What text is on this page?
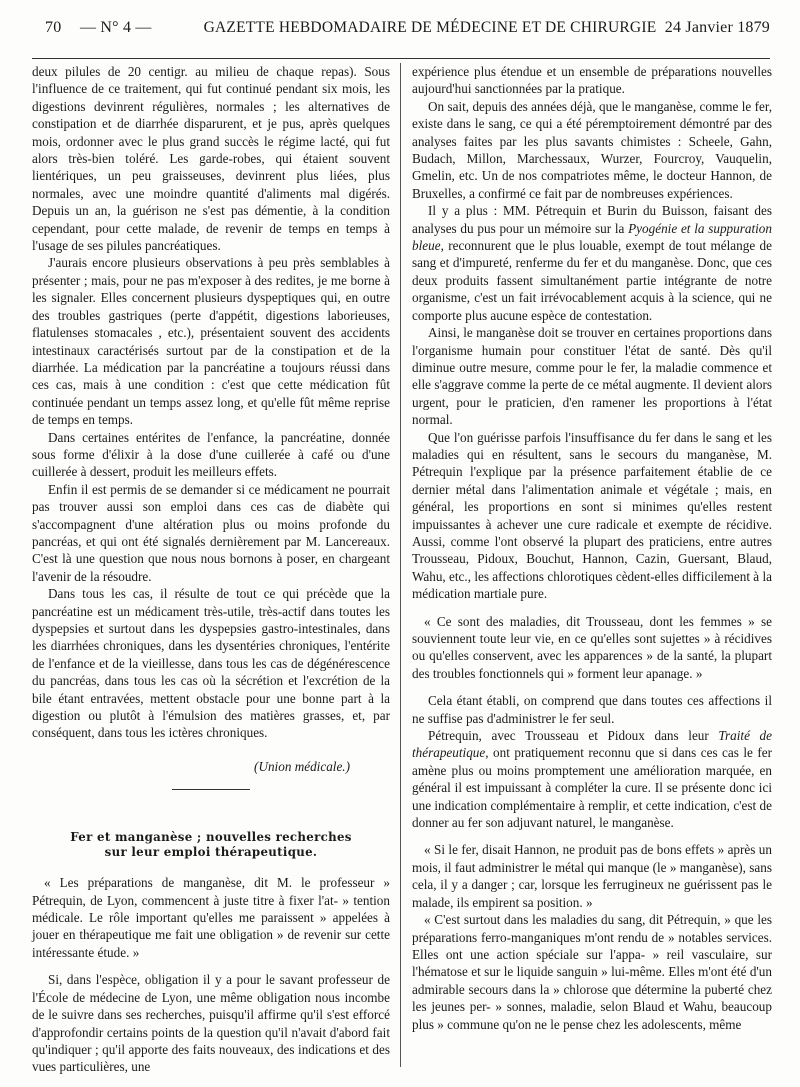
70	— N° 4 —	GAZETTE HEBDOMADAIRE DE MÉDECINE ET DE CHIRURGIE 24 Janvier 1879

deux pilules de 20 centigr. au milieu de chaque repas). Sous l'influence de ce traitement, qui fut continué pendant six mois, les digestions devinrent régulières, normales ; les alternatives de constipation et de diarrhée disparurent, et je pus, après quelques mois, ordonner avec le plus grand succès le régime lacté, qui fut alors très-bien toléré. Les garde-robes, qui étaient souvent lientériques, un peu graisseuses, devinrent plus liées, plus normales, avec une moindre quantité d'aliments mal digérés. Depuis un an, la guérison ne s'est pas démentie, à la condition cependant, pour cette malade, de revenir de temps en temps à l'usage de ses pilules pancréatiques.

J'aurais encore plusieurs observations à peu près semblables à présenter ; mais, pour ne pas m'exposer à des redites, je me borne à les signaler. Elles concernent plusieurs dyspeptiques qui, en outre des troubles gastriques (perte d'appétit, digestions laborieuses, flatulenses stomacales , etc.), présentaient souvent des accidents intestinaux caractérisés surtout par de la constipation et de la diarrhée. La médication par la pancréatine a toujours réussi dans ces cas, mais à une condition : c'est que cette médication fût continuée pendant un temps assez long, et qu'elle fût même reprise de temps en temps.

Dans certaines entérites de l'enfance, la pancréatine, donnée sous forme d'élixir à la dose d'une cuillerée à café ou d'une cuillerée à dessert, produit les meilleurs effets.

Enfin il est permis de se demander si ce médicament ne pourrait pas trouver aussi son emploi dans ces cas de diabète qui s'accompagnent d'une altération plus ou moins profonde du pancréas, et qui ont été signalés dernièrement par M. Lancereaux. C'est là une question que nous nous bornons à poser, en chargeant l'avenir de la résoudre.

Dans tous les cas, il résulte de tout ce qui précède que la pancréatine est un médicament très-utile, très-actif dans toutes les dyspepsies et surtout dans les dyspepsies gastro-intestinales, dans les diarrhées chroniques, dans les dysentéries chroniques, l'entérite de l'enfance et de la vieillesse, dans tous les cas de dégénérescence du pancréas, dans tous les cas où la sécrétion et l'excrétion de la bile étant entravées, mettent obstacle pour une bonne part à la digestion ou plutôt à l'émulsion des matières grasses, et, par conséquent, dans tous les ictères chroniques.

(Union médicale.)

Fer et manganèse ; nouvelles recherches
sur leur emploi thérapeutique.

« Les préparations de manganèse, dit M. le professeur » Pétrequin, de Lyon, commencent à juste titre à fixer l'at- » tention médicale. Le rôle important qu'elles me paraissent » appelées à jouer en thérapeutique me fait une obligation » de revenir sur cette intéressante étude. »

Si, dans l'espèce, obligation il y a pour le savant professeur de l'École de médecine de Lyon, une même obligation nous incombe de le suivre dans ses recherches, puisqu'il affirme qu'il s'est efforcé d'approfondir certains points de la question qu'il n'avait d'abord fait qu'indiquer ; qu'il apporte des faits nouveaux, des indications et des vues particulières, une

expérience plus étendue et un ensemble de préparations nouvelles aujourd'hui sanctionnées par la pratique.

On sait, depuis des années déjà, que le manganèse, comme le fer, existe dans le sang, ce qui a été péremptoirement démontré par des analyses faites par les plus savants chimistes : Scheele, Gahn, Budach, Millon, Marchessaux, Wurzer, Fourcroy, Vauquelin, Gmelin, etc. Un de nos compatriotes même, le docteur Hannon, de Bruxelles, a confirmé ce fait par de nombreuses expériences.

Il y a plus : MM. Pétrequin et Burin du Buisson, faisant des analyses du pus pour un mémoire sur la Pyogénie et la suppuration bleue, reconnurent que le plus louable, exempt de tout mélange de sang et d'impureté, renferme du fer et du manganèse. Donc, que ces deux produits fassent simultanément partie intégrante de notre organisme, c'est un fait irrévocablement acquis à la science, qui ne comporte plus aucune espèce de contestation.

Ainsi, le manganèse doit se trouver en certaines proportions dans l'organisme humain pour constituer l'état de santé. Dès qu'il diminue outre mesure, comme pour le fer, la maladie commence et elle s'aggrave comme la perte de ce métal augmente. Il devient alors urgent, pour le praticien, d'en ramener les proportions à l'état normal.

Que l'on guérisse parfois l'insuffisance du fer dans le sang et les maladies qui en résultent, sans le secours du manganèse, M. Pétrequin l'explique par la présence parfaitement établie de ce dernier métal dans l'alimentation animale et végétale ; mais, en général, les proportions en sont si minimes qu'elles restent impuissantes à achever une cure radicale et exempte de récidive. Aussi, comme l'ont observé la plupart des praticiens, entre autres Trousseau, Pidoux, Bouchut, Hannon, Cazin, Guersant, Blaud, Wahu, etc., les affections chlorotiques cèdent-elles difficilement à la médication martiale pure.

« Ce sont des maladies, dit Trousseau, dont les femmes » se souviennent toute leur vie, en ce qu'elles sont sujettes » à récidives ou qu'elles conservent, avec les apparences » de la santé, la plupart des troubles fonctionnels qui » forment leur apanage. »

Cela étant établi, on comprend que dans toutes ces affections il ne suffise pas d'administrer le fer seul.

Pétrequin, avec Trousseau et Pidoux dans leur Traité de thérapeutique, ont pratiquement reconnu que si dans ces cas le fer amène plus ou moins promptement une amélioration marquée, en général il est impuissant à compléter la cure. Il se présente donc ici une indication complémentaire à remplir, et cette indication, c'est de donner au fer son adjuvant naturel, le manganèse.

« Si le fer, disait Hannon, ne produit pas de bons effets » après un mois, il faut administrer le métal qui manque (le » manganèse), sans cela, il y a danger ; car, lorsque les ferrugineux ne guérissent pas le malade, ils empirent sa position. »

« C'est surtout dans les maladies du sang, dit Pétrequin, » que les préparations ferro-manganiques m'ont rendu de » notables services. Elles ont une action spéciale sur l'appa- » reil vasculaire, sur l'hématose et sur le liquide sanguin » lui-même. Elles m'ont été d'un admirable secours dans la » chlorose que détermine la puberté chez les jeunes per- » sonnes, maladie, selon Blaud et Wahu, beaucoup plus » commune qu'on ne le pense chez les adolescents, même
